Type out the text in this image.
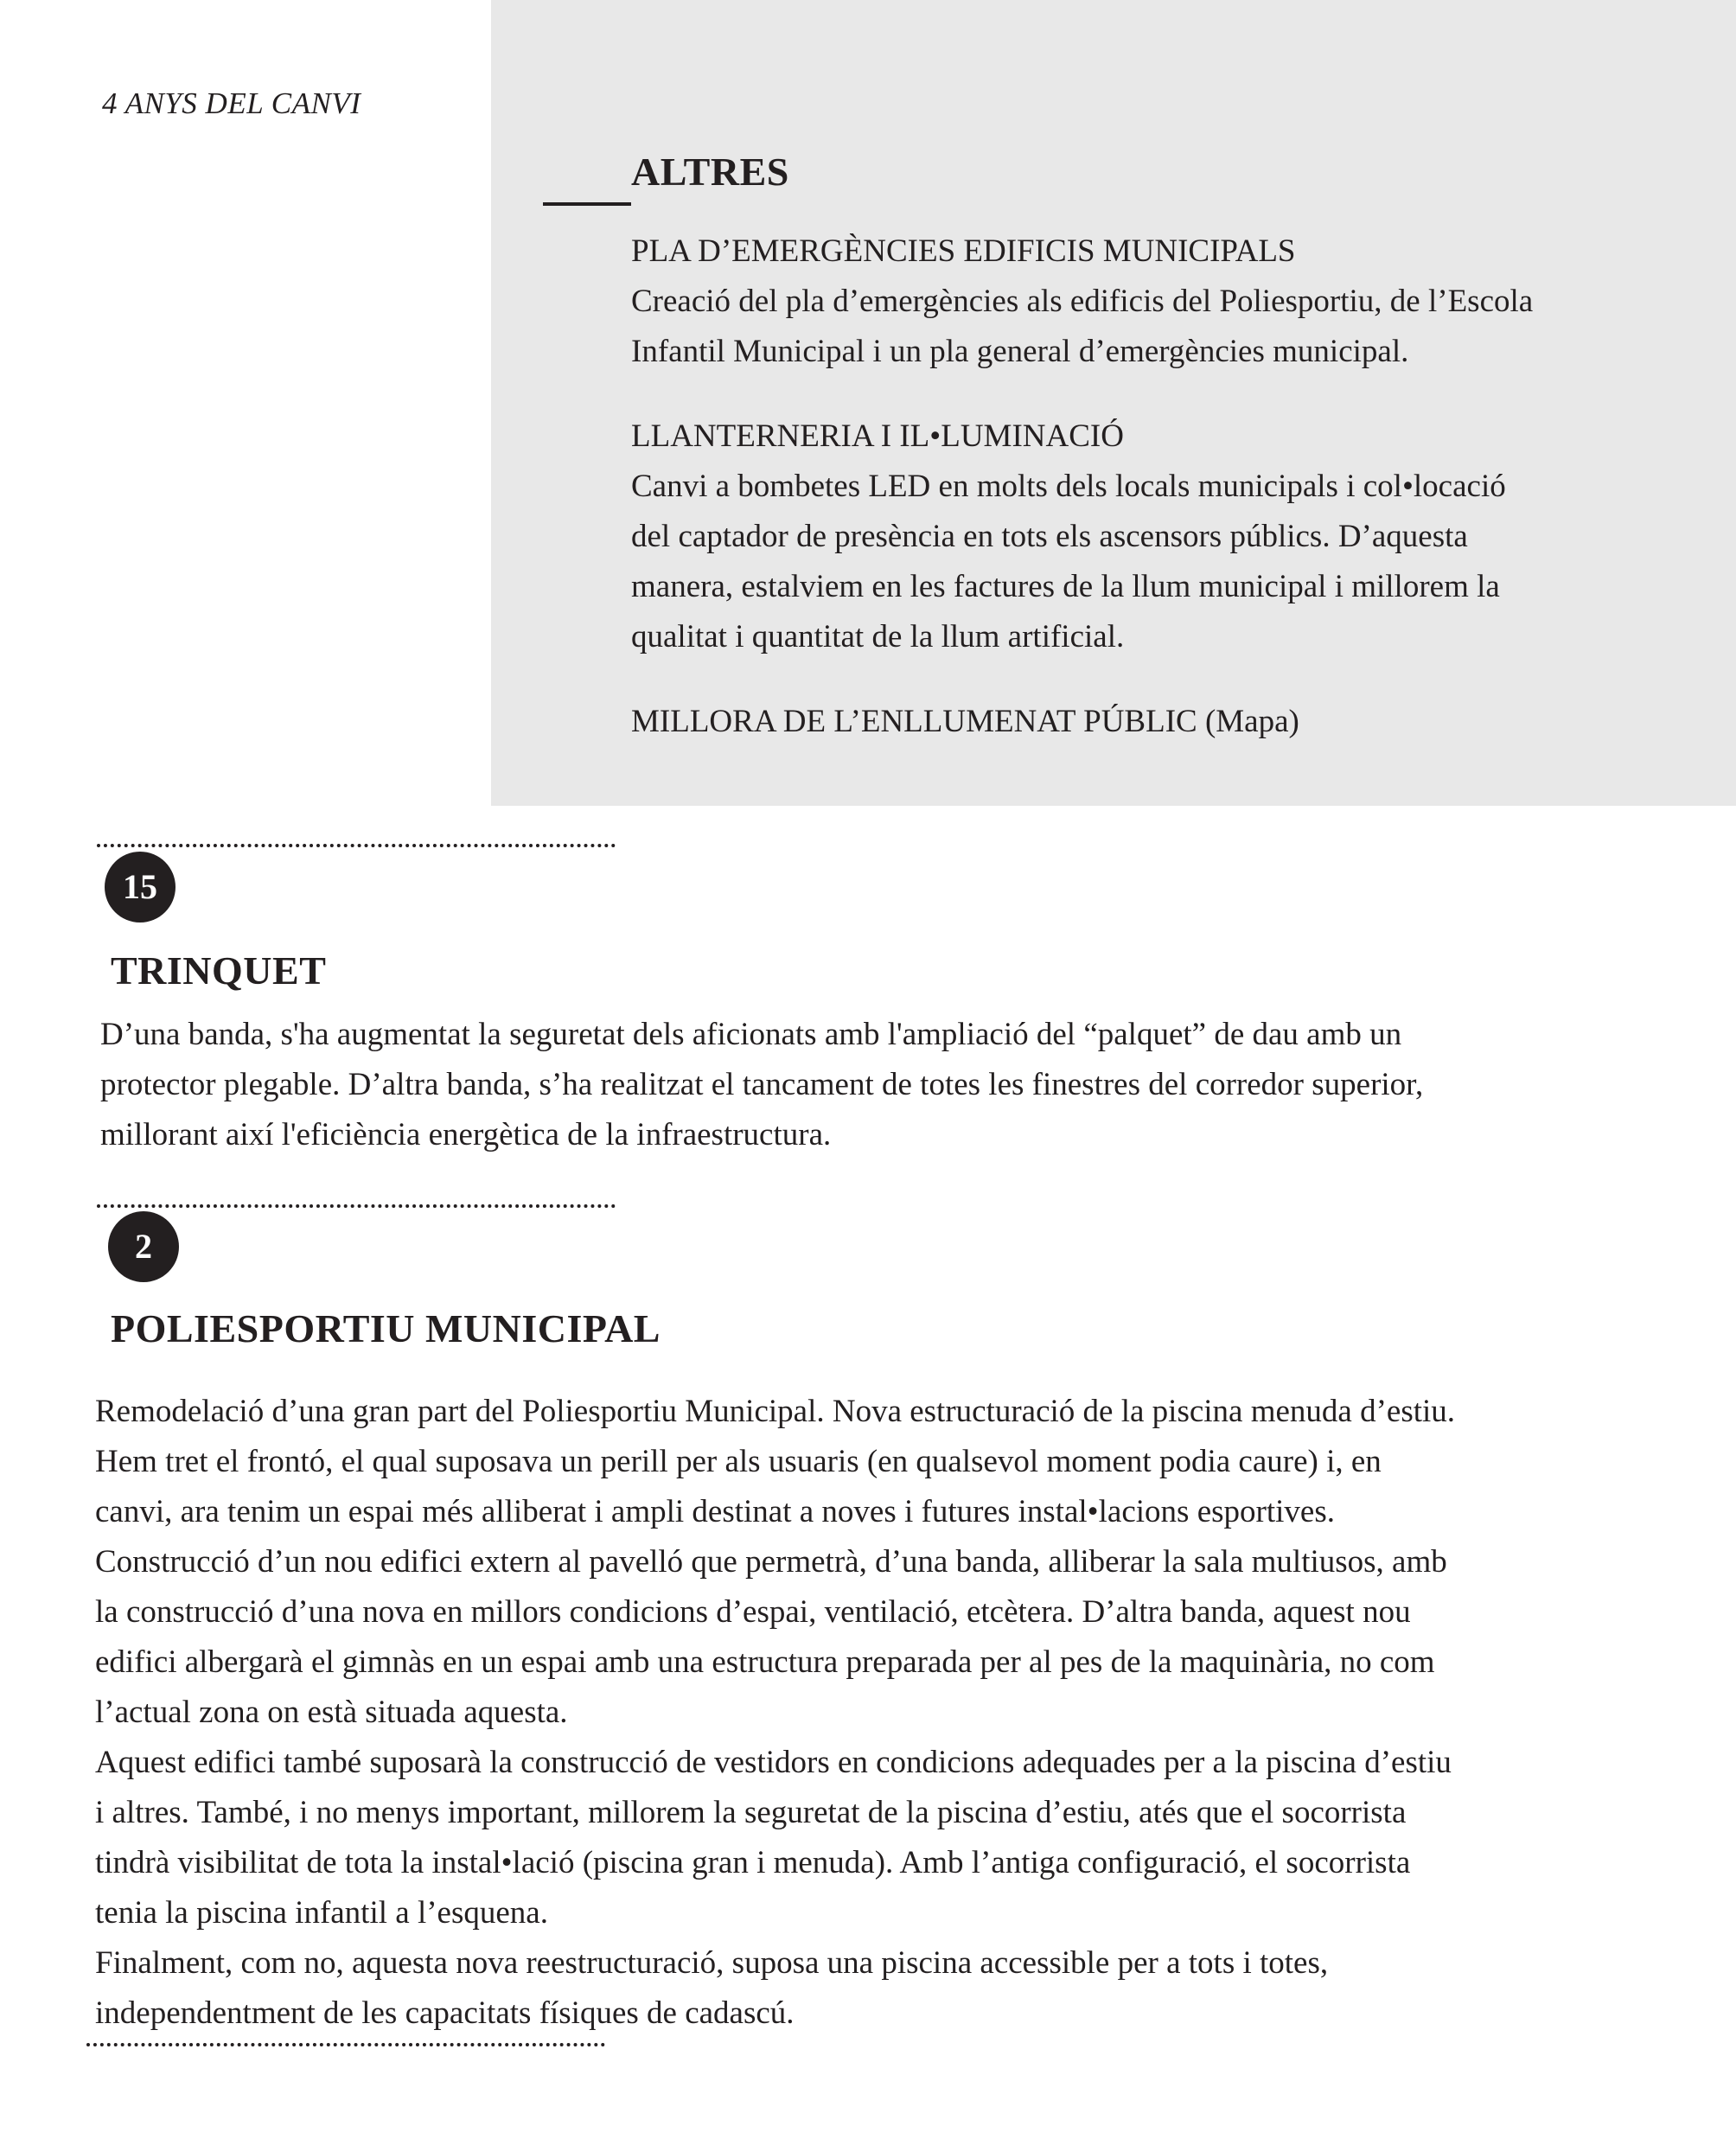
4 ANYS DEL CANVI
ALTRES
PLA D’EMERGÈNCIES EDIFICIS MUNICIPALS
Creació del pla d’emergències als edificis del Poliesportiu, de l’Escola
Infantil Municipal i un pla general d’emergències municipal.
LLANTERNERIA I IL•LUMINACIÓ
Canvi a bombetes LED en molts dels locals municipals i col•locació
del captador de presència en tots els ascensors públics. D’aquesta
manera, estalviem en les factures de la llum municipal i millorem la
qualitat i quantitat de la llum artificial.
MILLORA DE L’ENLLUMENAT PÚBLIC (Mapa)
15
TRINQUET

D’una banda, s'ha augmentat la seguretat dels aficionats amb l'ampliació del “palquet” de dau amb un

protector plegable. D’altra banda, s’ha realitzat el tancament de totes les finestres del corredor superior,

millorant així l'eficiència energètica de la infraestructura.

2
POLIESPORTIU MUNICIPAL

Remodelació d’una gran part del Poliesportiu Municipal. Nova estructuració de la piscina menuda d’estiu.

Hem tret el frontó, el qual suposava un perill per als usuaris (en qualsevol moment podia caure) i, en

canvi, ara tenim un espai més alliberat i ampli destinat a noves i futures instal•lacions esportives.

Construcció d’un nou edifici extern al pavelló que permetrà, d’una banda, alliberar la sala multiusos, amb

la construcció d’una nova en millors condicions d’espai, ventilació, etcètera. D’altra banda, aquest nou

edifici albergarà el gimnàs en un espai amb una estructura preparada per al pes de la maquinària, no com

l’actual zona on està situada aquesta.

Aquest edifici també suposarà la construcció de vestidors en condicions adequades per a la piscina d’estiu

i altres. També, i no menys important, millorem la seguretat de la piscina d’estiu, atés que el socorrista

tindrà visibilitat de tota la instal•lació (piscina gran i menuda). Amb l’antiga configuració, el socorrista

tenia la piscina infantil a l’esquena.

Finalment, com no, aquesta nova reestructuració, suposa una piscina accessible per a tots i totes,

independentment de les capacitats físiques de cadascú.
